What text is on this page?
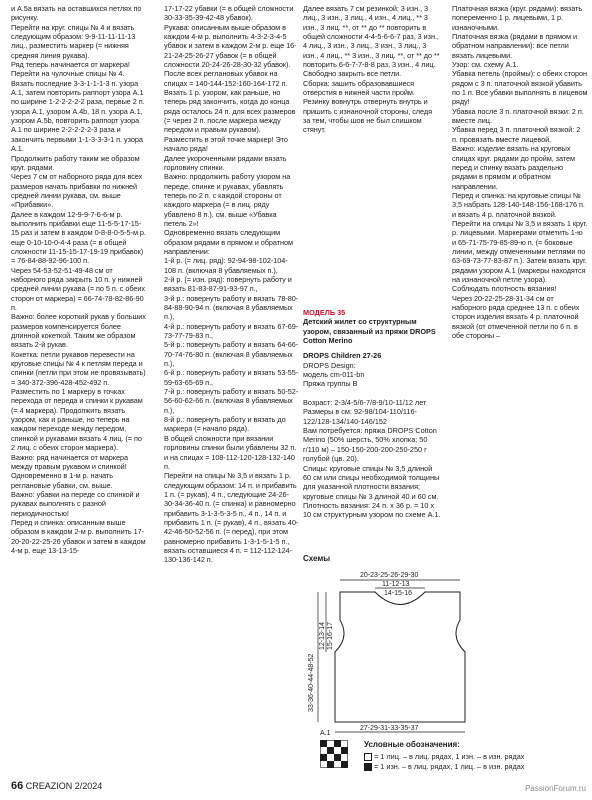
и А.5а вязать на оставшихся петлях по рисунку.
Перейти на круг. спицы № 4 и вязать следующим образом: 9-9-11-11-11-13 лиц., разместить маркер (= нижняя средняя линия рукава).
Ряд теперь начинается от маркера!
Перейти на чулочные спицы № 4.
Вязать последние 3-3-1-1-1-3 п. узора А.1, затем повторить раппорт узора А.1 по ширине 1-2-2-2-2-2 раза, первые 2 п. узора А.1, узором А.4b, 18 п. узора А.1, узором А.5b, повторить раппорт узора А.1 по ширине 2-2-2-2-2-3 раза и закончить первыми 1-1-3-3-3-1 п. узора А.1.
Продолжить работу таким же образом круг. рядами.
Через 7 см от наборного ряда для всех размеров начать прибавки по нижней средней линии рукава, см. выше «Прибавки».
Далее в каждом 12-9-9-7-6-6-м р. выполнить прибавки еще 11-5-5-17-15-15 раз и затем в каждом 0-8-8-0-5-5-м р. еще 0-10-10-0-4-4 раза (= в общей сложности 11-15-15-17-19-19 прибавок) = 76-84-88-92-96-100 п.
Через 54-53-52-51-49-48 см от наборного ряда закрыть 10 п. у нижней средней линии рукава (= по 5 п. с обеих сторон от маркера) = 66-74-78-82-86-90 п.
Важно: более короткий рукав у больших размеров компенсируется более длинной кокеткой. Таким же образом вязать 2-й рукав.
Кокетка: петли рукавов перевести на круговые спицы № 4 к петлям переда и спинки (петли при этом не провязывать) = 340-372-396-428-452-492 п. Разместить по 1 маркеру в точках перехода от переда и спинки к рукавам (= 4 маркера). Продолжить вязать узором, как и раньше, но теперь на каждом переходе между передом, спинкой и рукавами вязать 4 лиц. (= по 2 лиц. с обеих сторон маркера).
Важно: ряд начинается от маркера между правым рукавом и спинкой!
Одновременно в 1-м р. начать реглановые убавки, см. выше.
Важно: убавки на переде со спинкой и рукавах выполнять с разной периодичностью!
Перед и спинка: описанным выше образом в каждом 2-м р. выполнить 17-20-20-22-25-26 убавок и затем в каждом 4-м р. еще 13-13-15-
17-17-22 убавки (= в общей сложности 30-33-35-39-42-48 убавок).
Рукава: описанным выше образом в каждом 4-м р. выполнить 4-3-2-3-4-5 убавок и затем в каждом 2-м р. еще 16-21-24-25-26-27 убавок (= в общей сложности 20-24-26-28-30-32 убавок).
После всех реглановых убавок на спицах = 140-144-152-160-164-172 п.
Вязать 1 р. узором, как раньше, но теперь ряд закончить, когда до конца ряда осталось 24 п. для всех размеров (= через 2 п. после маркера между передом и правым рукавом). Разместить в этой точке маркер! Это начало ряда!
Далее укороченными рядами вязать горловину спинки.
Важно: продолжить работу узором на переде, спинке и рукавах, убавлять теперь по 2 п. с каждой стороны от каждого маркера (= в лиц. ряду убавлено 8 п.), см. выше «Убавка петель 2»!
Одновременно вязать следующим образом рядами в прямом и обратном направлении:
1-й р. (= лиц. ряд): 92-94-98-102-104-108 п. (включая 8 убавляемых п.),
2-й р. (= изн. ряд): повернуть работу и вязать 81-83-87-91-93-97 п.,
3-й р.: повернуть работу и вязать 78-80-84-88-90-94 п. (включая 8 убавляемых п.),
4-й р.: повернуть работу и вязать 67-69-73-77-79-83 п.,
5-й р.: повернуть работу и вязать 64-66-70-74-76-80 п. (включая 8 убавляемых п.),
6-й р.: повернуть работу и вязать 53-55-59-63-65-69 п.,
7-й р.: повернуть работу и вязать 50-52-56-60-62-66 п. (включая 8 убавляемых п.),
8-й р.: повернуть работу и вязать до маркера (= начало ряда).
В общей сложности при вязании горловины спинки были убавлены 32 п. и на спицах = 108-112-120-128-132-140 п.
Перейти на спицы № 3,5 и вязать 1 р. следующим образом: 14 п. и прибавить 1 п. (= рукав), 4 п., следующие 24-26-30-34-36-40 п. (= спинка) и равномерно прибавить 3-1-3-5-3-5 п., 4 п., 14 п. и прибавить 1 п. (= рукав), 4 п., вязать 40-42-46-50-52-56 п. (= перед), при этом равномерно прибавить 1-3-1-5-1-5 п., вязать оставшиеся 4 п. = 112-112-124-130-136-142 п.
Далее вязать 7 см резинкой: 3 изн., 3 лиц., 3 изн., 3 лиц., 4 изн., 4 лиц., ** 3 изн., 3 лиц. **, от ** до ** повторить в общей сложности 4-4-5-6-6-7 раз, 3 изн., 4 лиц., 3 изн., 3 лиц., 3 изн., 3 лиц., 3 изн., 4 лиц., ** 3 изн., 3 лиц. **, от ** до ** повторить 6-6-7-7-8-8 раз, 3 изн., 4 лиц.
Свободно закрыть все петли.
Сборка: зашить образовавшиеся отверстия в нижней части пройм. Резинку вовнутрь отвернуть внутрь и пришить с изнаночной стороны, следя за тем, чтобы шов не был слишком стянут.
МОДЕЛЬ 35
Детский жилет со структурным узором, связанный из пряжи DROPS Cotton Merino
DROPS Children 27-26
DROPS Design:
модель cm-011-bn
Пряжа группы B

Возраст: 2-3/4-5/6-7/8-9/10-11/12 лет
Размеры в см: 92-98/104-110/116-122/128-134/140-146/152
Вам потребуется: пряжа DROPS Cotton Merino (50% шерсть, 50% хлопка; 50 г/110 м) – 150-150-200-200-250-250 г голубой (цв. 20).
Спицы: круговые спицы № 3,5 длиной 60 см или спицы необходимой толщины для указанной плотности вязания; круговые спицы № 3 длиной 40 и 60 см.
Плотность вязания: 24 п. х 36 р. = 10 х 10 см структурным узором по схеме А.1.
Платочная вязка (круг. рядами): вязать попеременно 1 р. лицевыми, 1 р. изнаночными.
Платочная вязка (рядами в прямом и обратном направлении): все петли вязать лицевыми.
Узор: см. схему А.1.
Убавка петель (проймы): с обеих сторон рядом с 3 п. платочной вязкой убавить по 1 п. Все убавки выполнять в лицевом ряду!
Убавка после 3 п. платочной вязки: 2 п. вместе лиц.
Убавка перед 3 п. платочной вязкой: 2 п. провязать вместе лицевой.
Важно: изделие вязать на круговых спицах круг. рядами до пройм, затем перед и спинку вязать раздельно рядами в прямом и обратном направлении.
Перед и спинка: на круговые спицы № 3,5 набрать 128-140-148-156-168-176 п. и вязать 4 р. платочной вязкой.
Перейти на спицы № 3,5 и вязать 1 круг. р. лицевыми. Маркерами отметить 1-ю и 65-71-75-79-85-89-ю п. (= боковые линии, между отмеченными петлями по 63-69-73-77-83-87 п.). Затем вязать круг. рядами узором А.1 (маркеры находятся на изнаночной петле узора).
Соблюдать плотность вязания!
Через 20-22-25-28-31-34 см от наборного ряда среднее 13 п. с обеих сторон изделия вязать 4 р. платочной вязкой (от отмеченной петли по 6 п. в обе стороны –
Схемы
20-23-25-26-29-30
11-12-13
14-15-16
12-13-14 15-16-17
33-36-40-44-48-52
27-29-31-33-35-37
A.1
Условные обозначения:
= 1 лиц. – в лиц. рядах, 1 изн. – в изн. рядах
= 1 изн. – в лиц. рядах, 1 лиц. – в изн. рядах
66 CREAZION 2/2024	PassionForum.ru
